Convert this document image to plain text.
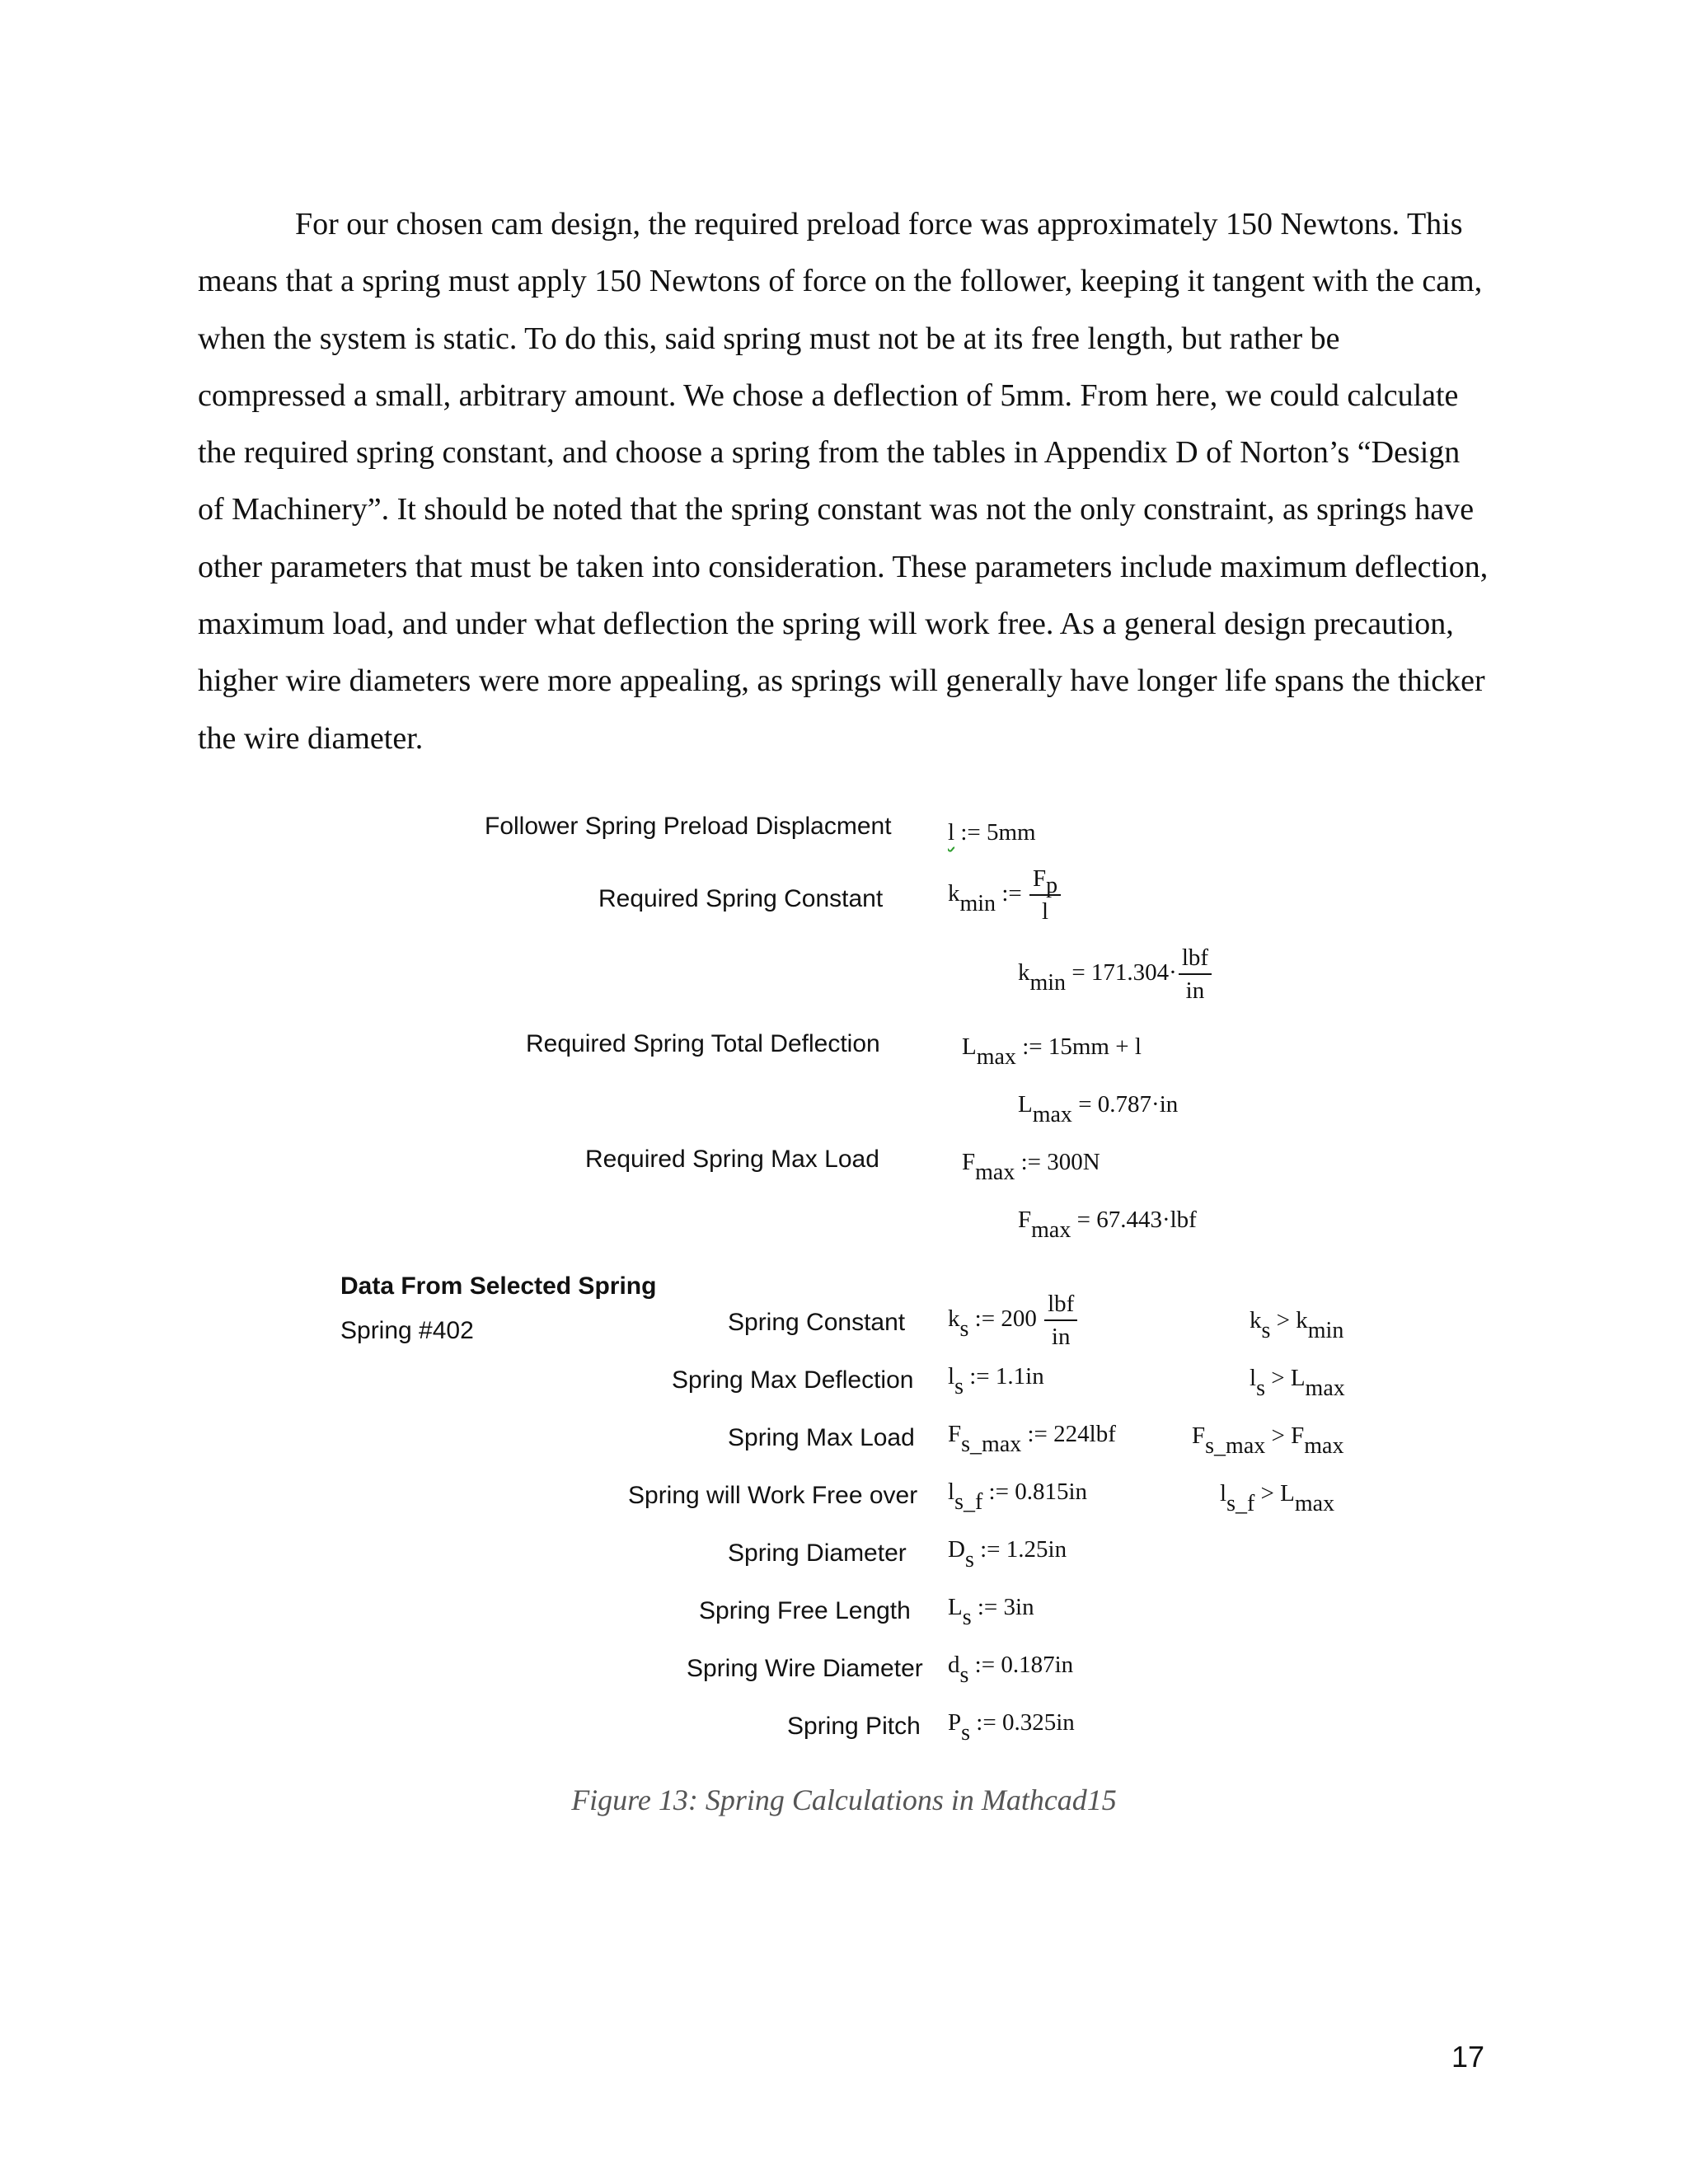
For our chosen cam design, the required preload force was approximately 150 Newtons. This means that a spring must apply 150 Newtons of force on the follower, keeping it tangent with the cam, when the system is static. To do this, said spring must not be at its free length, but rather be compressed a small, arbitrary amount. We chose a deflection of 5mm. From here, we could calculate the required spring constant, and choose a spring from the tables in Appendix D of Norton’s “Design of Machinery”. It should be noted that the spring constant was not the only constraint, as springs have other parameters that must be taken into consideration. These parameters include maximum deflection, maximum load, and under what deflection the spring will work free. As a general design precaution, higher wire diameters were more appealing, as springs will generally have longer life spans the thicker the wire diameter.

Follower Spring Preload Displacment
Required Spring Constant
Required Spring Total Deflection
Required Spring Max Load
Data From Selected Spring
Spring #402	Spring Constant
Spring Max Deflection
Spring Max Load
Spring will Work Free over
Spring Diameter
Spring Free Length
Spring Wire Diameter
Spring Pitch
l := 5mm
$k_{min}$ := $\frac{F_p}{l}$
$k_{min} = 171.304\cdot \frac{\text{lbf}}{in}$
$L_{max}$ := 15mm + l
$L_{max} = 0.787\cdot in$
$F_{max}$ := 300N
$F_{max} = 67.443\cdot lbf$
$k_s$ := $200 \frac{\text{lbf}}{in}$
$l_s$ := 1.1in
$F_{s\_max}$ := 224lbf
$l_{s\_f}$ := 0.815in
$D_s$ := 1.25in
$L_s$ := 3in
$d_s$ := 0.187in
$P_s$ := 0.325in
$k_s > k_{min}$
$l_s > L_{max}$
$F_{s\_max} > F_{max}$
$l_{s\_f} > L_{max}$
Figure 13: Spring Calculations in Mathcad15
17
